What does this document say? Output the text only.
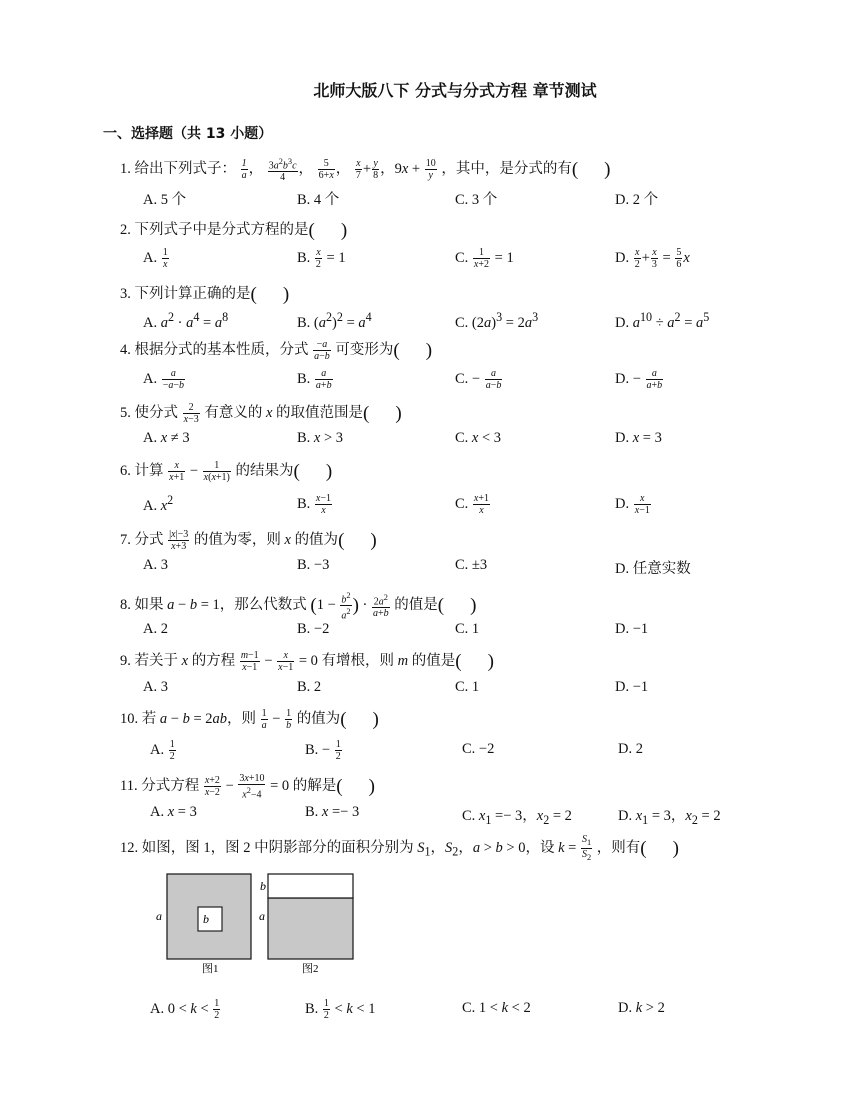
北师大版八下 分式与分式方程 章节测试
一、选择题（共 13 小题）
1. 给出下列式子： $\frac{1}{a}$ ， $\frac{3a^2b^3c}{4}$ ， $\frac{5}{6+x}$ ， $\frac{x}{7} + \frac{y}{8}$ ，$9x + \frac{10}{y}$ ，其中，是分式的有( )
A. 5 个	B. 4 个	C. 3 个	D. 2 个
2. 下列式子中是分式方程的是( )
A. $\frac{1}{x}$	B. $\frac{x}{2} = 1$	C. $\frac{1}{x+2} = 1$	D. $\frac{x}{2} + \frac{x}{3} = \frac{5}{6}$ x
3. 下列计算正确的是( )
A. $a^2 \cdot a^4 = a^8$	B. $(a^2)^2 = a^4$	C. $(2a)^3 = 2a^3$	D. $a^{10} \div a^2 = a^5$
4. 根据分式的基本性质，分式 $\frac{-a}{a-b}$ 可变形为( )
A. $\frac{a}{-a-b}$	B. $\frac{a}{a+b}$	C. − $\frac{a}{a-b}$	D. − $\frac{a}{a+b}$
5. 使分式 $\frac{2}{x-3}$ 有意义的 x 的取值范围是( )
A. x ≠ 3	B. x > 3	C. x < 3	D. x = 3
6. 计算 $\frac{x}{x+1} - \frac{1}{x(x+1)}$ 的结果为( )
A. $x^2$	B. $\frac{x-1}{x}$	C. $\frac{x+1}{x}$	D. $\frac{x}{x-1}$
7. 分式 $\frac{|x|-3}{x+3}$ 的值为零，则 x 的值为( )
A. 3	B. −3	C. ±3	D. 任意实数
8. 如果 a − b = 1，那么代数式 ($1 - \frac{b^2}{a^2}$ ) · $\frac{2a^2}{a+b}$ 的值是( )
A. 2	B. −2	C. 1	D. −1
9. 若关于 x 的方程 $\frac{m-1}{x-1} - \frac{x}{x-1} = 0$ 有增根，则 m 的值是( )
A. 3	B. 2	C. 1	D. −1
10. 若 a − b = 2ab，则 $\frac{1}{a} - \frac{1}{b}$ 的值为( )
A. $\frac{1}{2}$	B. − $\frac{1}{2}$	C. −2	D. 2
11. 分式方程 $\frac{x+2}{x-2} - \frac{3x+10}{x^2-4} = 0$ 的解是( )
A. x = 3	B. x =− 3	C. $x_1 =- 3$，$x_2 = 2$	D. $x_1 = 3$，$x_2 = 2$
12. 如图，图 1，图 2 中阴影部分的面积分别为 $S_1$，$S_2$，a > b > 0，设 $k = \frac{S_1}{S_2}$ ，则有( )
a	b
图1
b
a
图2
A. $0 < k < \frac{1}{2}$	B. $\frac{1}{2} < k < 1$	C. 1 < k < 2	D. k > 2
